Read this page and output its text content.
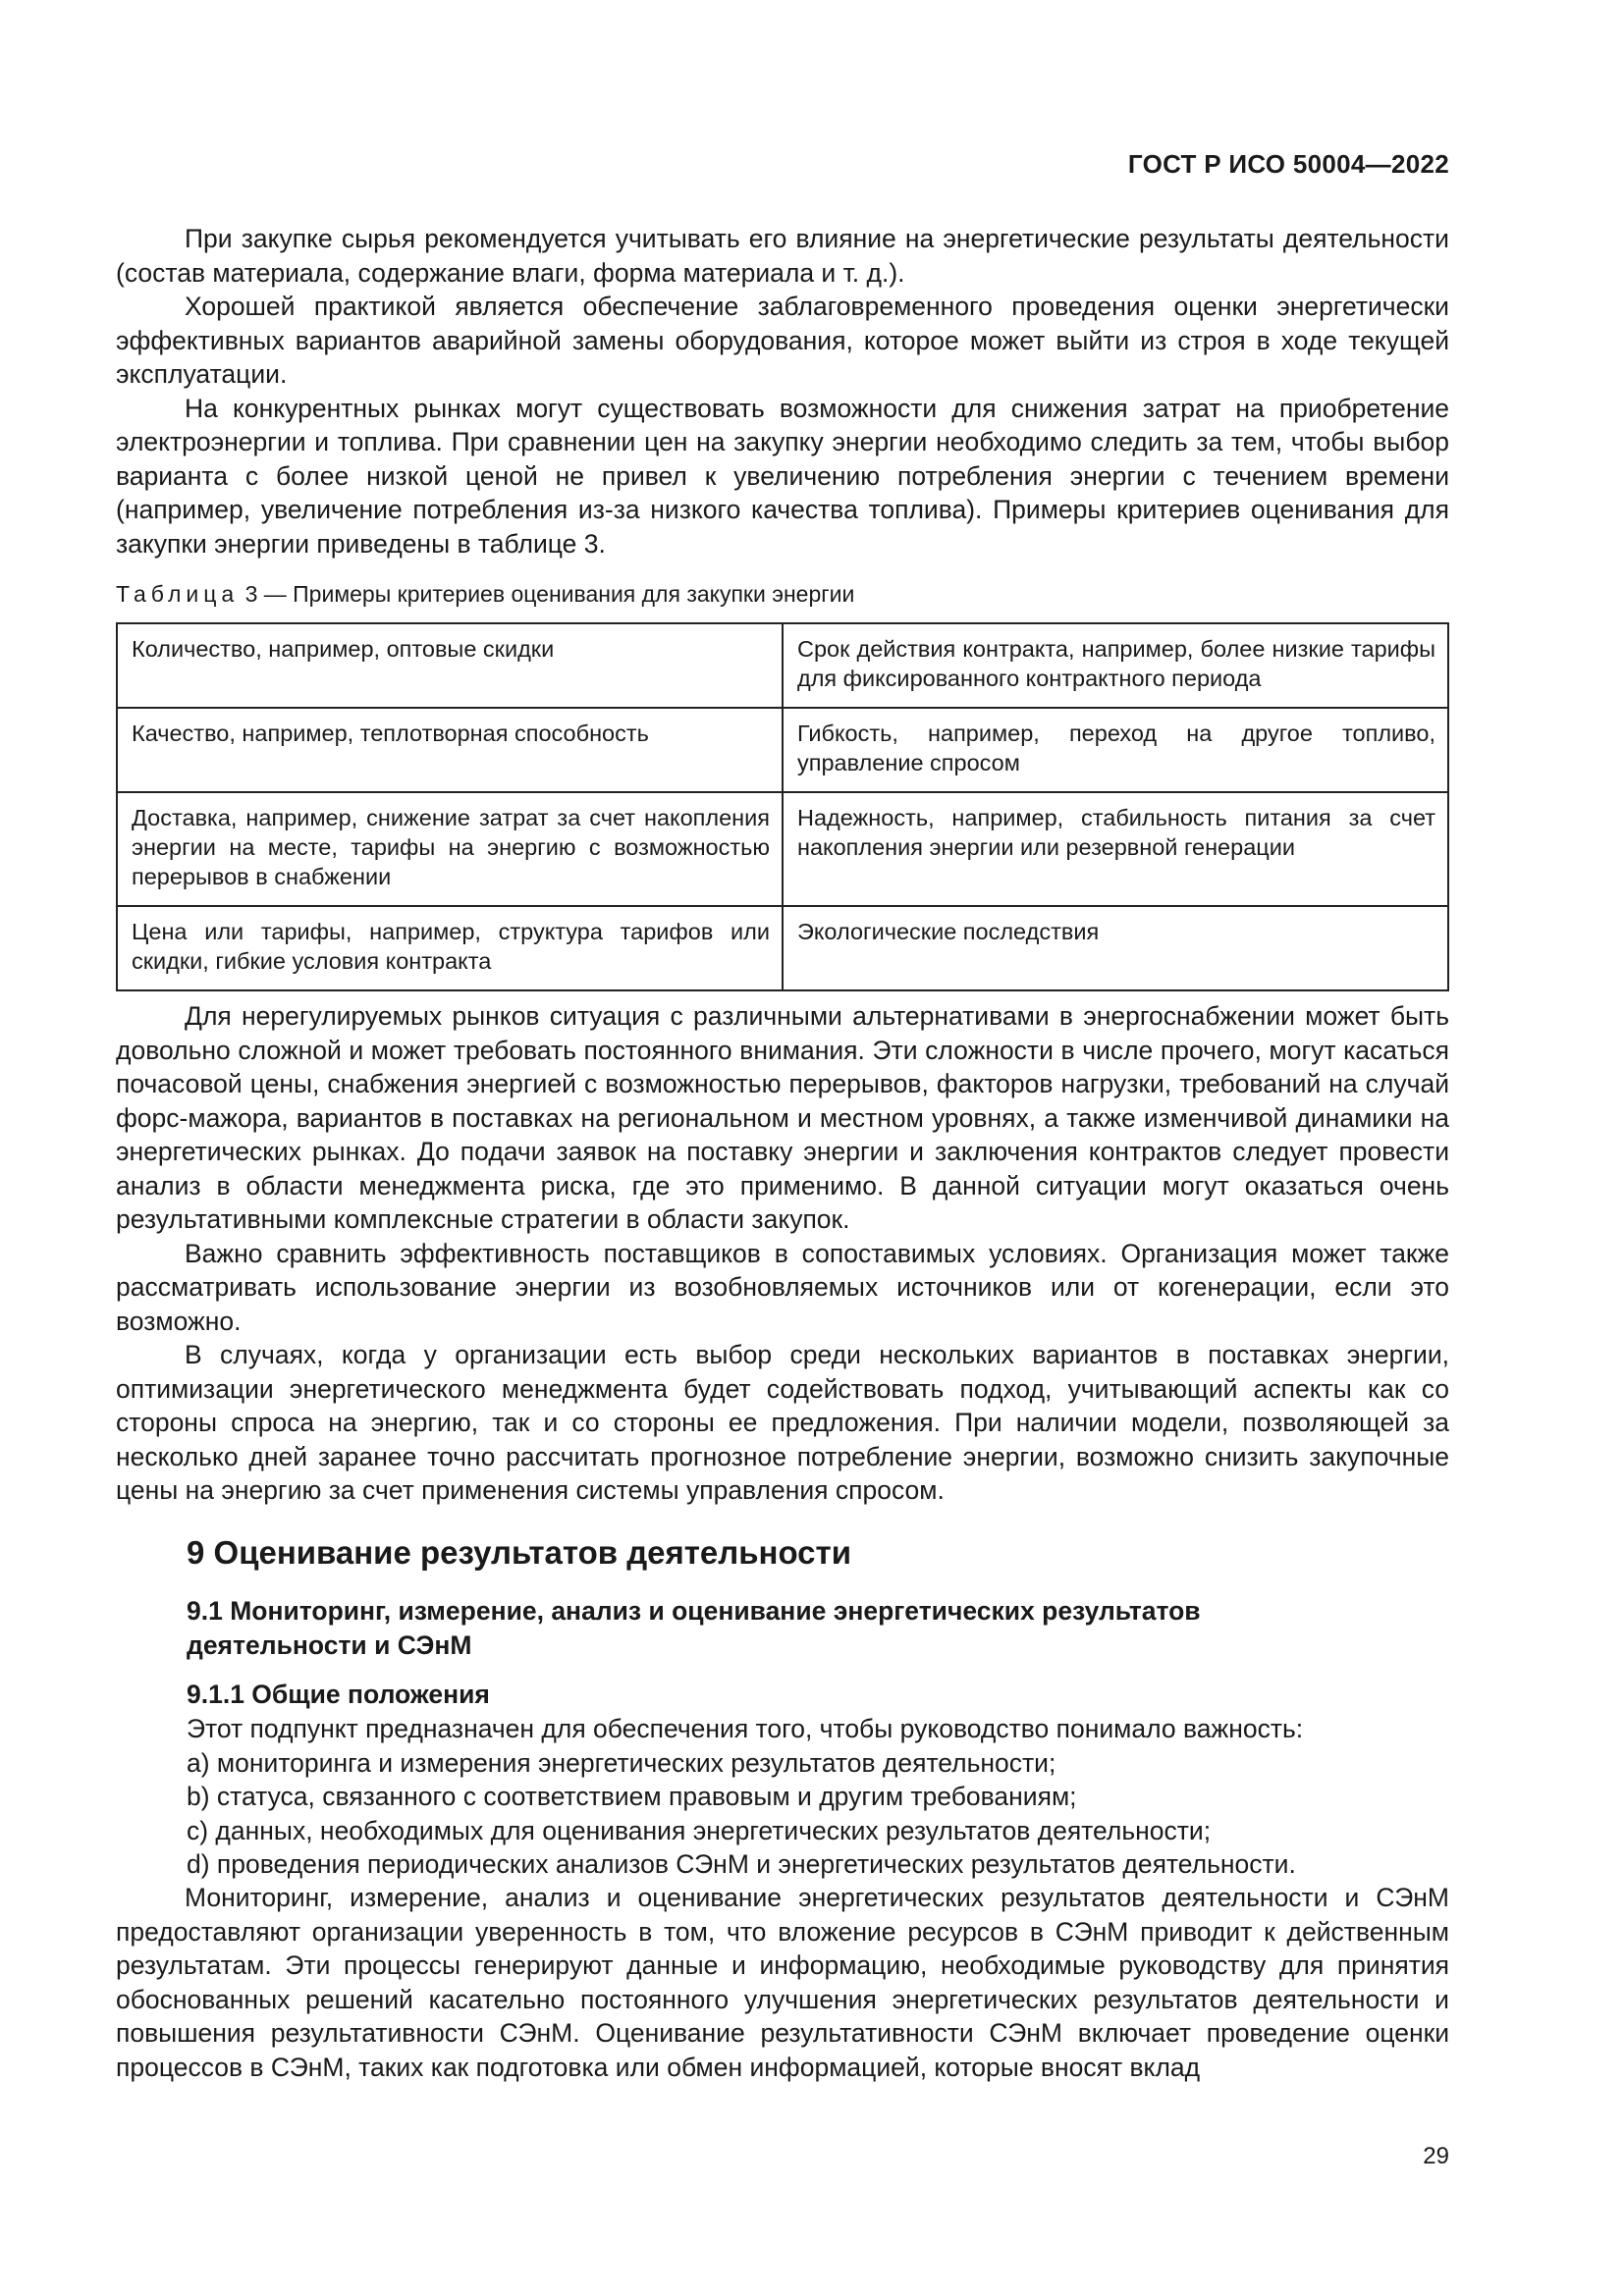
ГОСТ Р ИСО 50004—2022

При закупке сырья рекомендуется учитывать его влияние на энергетические результаты деятельности (состав материала, содержание влаги, форма материала и т. д.).

Хорошей практикой является обеспечение заблаговременного проведения оценки энергетически эффективных вариантов аварийной замены оборудования, которое может выйти из строя в ходе текущей эксплуатации.

На конкурентных рынках могут существовать возможности для снижения затрат на приобретение электроэнергии и топлива. При сравнении цен на закупку энергии необходимо следить за тем, чтобы выбор варианта с более низкой ценой не привел к увеличению потребления энергии с течением времени (например, увеличение потребления из-за низкого качества топлива). Примеры критериев оценивания для закупки энергии приведены в таблице 3.

Таблица 3 — Примеры критериев оценивания для закупки энергии
Количество, например, оптовые скидки	Срок действия контракта, например, более низкие тарифы для фиксированного контрактного периода
Качество, например, теплотворная способность	Гибкость, например, переход на другое топливо, управление спросом
Доставка, например, снижение затрат за счет накопления энергии на месте, тарифы на энергию с возможностью перерывов в снабжении	Надежность, например, стабильность питания за счет накопления энергии или резервной генерации
Цена или тарифы, например, структура тарифов или скидки, гибкие условия контракта	Экологические последствия

Для нерегулируемых рынков ситуация с различными альтернативами в энергоснабжении может быть довольно сложной и может требовать постоянного внимания. Эти сложности в числе прочего, могут касаться почасовой цены, снабжения энергией с возможностью перерывов, факторов нагрузки, требований на случай форс-мажора, вариантов в поставках на региональном и местном уровнях, а также изменчивой динамики на энергетических рынках. До подачи заявок на поставку энергии и заключения контрактов следует провести анализ в области менеджмента риска, где это применимо. В данной ситуации могут оказаться очень результативными комплексные стратегии в области закупок.

Важно сравнить эффективность поставщиков в сопоставимых условиях. Организация может также рассматривать использование энергии из возобновляемых источников или от когенерации, если это возможно.

В случаях, когда у организации есть выбор среди нескольких вариантов в поставках энергии, оптимизации энергетического менеджмента будет содействовать подход, учитывающий аспекты как со стороны спроса на энергию, так и со стороны ее предложения. При наличии модели, позволяющей за несколько дней заранее точно рассчитать прогнозное потребление энергии, возможно снизить закупочные цены на энергию за счет применения системы управления спросом.

9 Оценивание результатов деятельности
9.1 Мониторинг, измерение, анализ и оценивание энергетических результатов деятельности и СЭнМ
9.1.1 Общие положения
Этот подпункт предназначен для обеспечения того, чтобы руководство понимало важность:
a) мониторинга и измерения энергетических результатов деятельности;
b) статуса, связанного с соответствием правовым и другим требованиям;
c) данных, необходимых для оценивания энергетических результатов деятельности;
d) проведения периодических анализов СЭнМ и энергетических результатов деятельности.

Мониторинг, измерение, анализ и оценивание энергетических результатов деятельности и СЭнМ предоставляют организации уверенность в том, что вложение ресурсов в СЭнМ приводит к действенным результатам. Эти процессы генерируют данные и информацию, необходимые руководству для принятия обоснованных решений касательно постоянного улучшения энергетических результатов деятельности и повышения результативности СЭнМ. Оценивание результативности СЭнМ включает проведение оценки процессов в СЭнМ, таких как подготовка или обмен информацией, которые вносят вклад

29
